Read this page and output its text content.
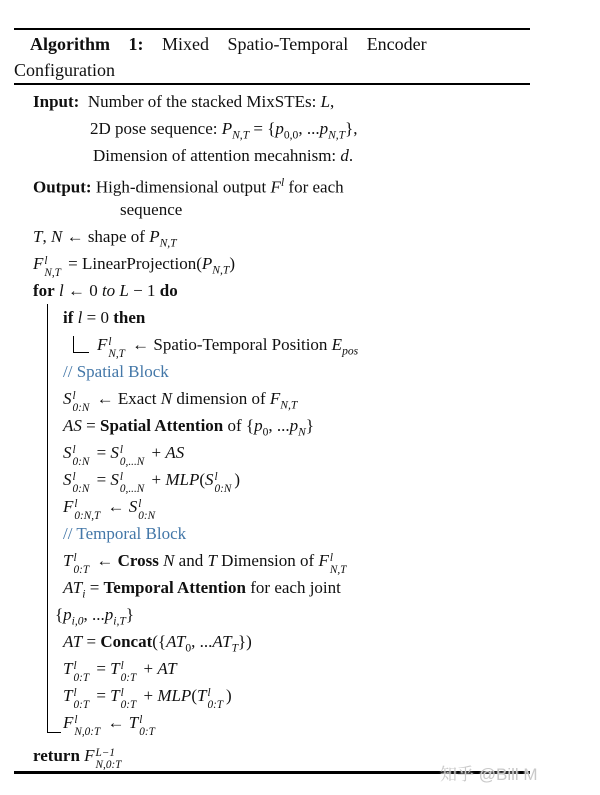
Algorithm 1: Mixed Spatio-Temporal Encoder
Configuration
Input:  Number of the stacked MixSTEs: L,
2D pose sequence: $P_{N,T} = \{p_{0,0}$, $...p_{N,T}$},
Dimension of attention mecahnism: d.
Output: High-dimensional output $F^l$ for each
sequence
T, N ← shape of $P_{N,T}$
F l
$N,T = LinearProjection(P_{N,T})$
for l ← 0 to L − 1 do
if l = 0 then
F l
N,T ← Spatio-Temporal Position $E_{pos}$
// Spatial Block
S l
0:N ← Exact N dimension of $F_{N,T}$
AS = Spatial Attention of {$p_0$, $...p_N$}
S l
0:N = S l
0,...N + AS
S l
0:N = S l
0,...N + MLP(S l
0:N )
F l
0:N,T ← S l
0:N
// Temporal Block
T l
0:T ← Cross N and T Dimension of F l
N,T
$AT_i$ = Temporal Attention for each joint
{$p_{i,0}$, $...p_{i,T}$}
AT = $Concat(\{AT_0$, $...AT_T$})
T l
0:T = T l
0:T + AT
T l
0:T = T l
0:T + MLP(T l
0:T )
F l
N,0:T ← T l
0:T
return F L−1
N,0:T
知乎 @Bill M
